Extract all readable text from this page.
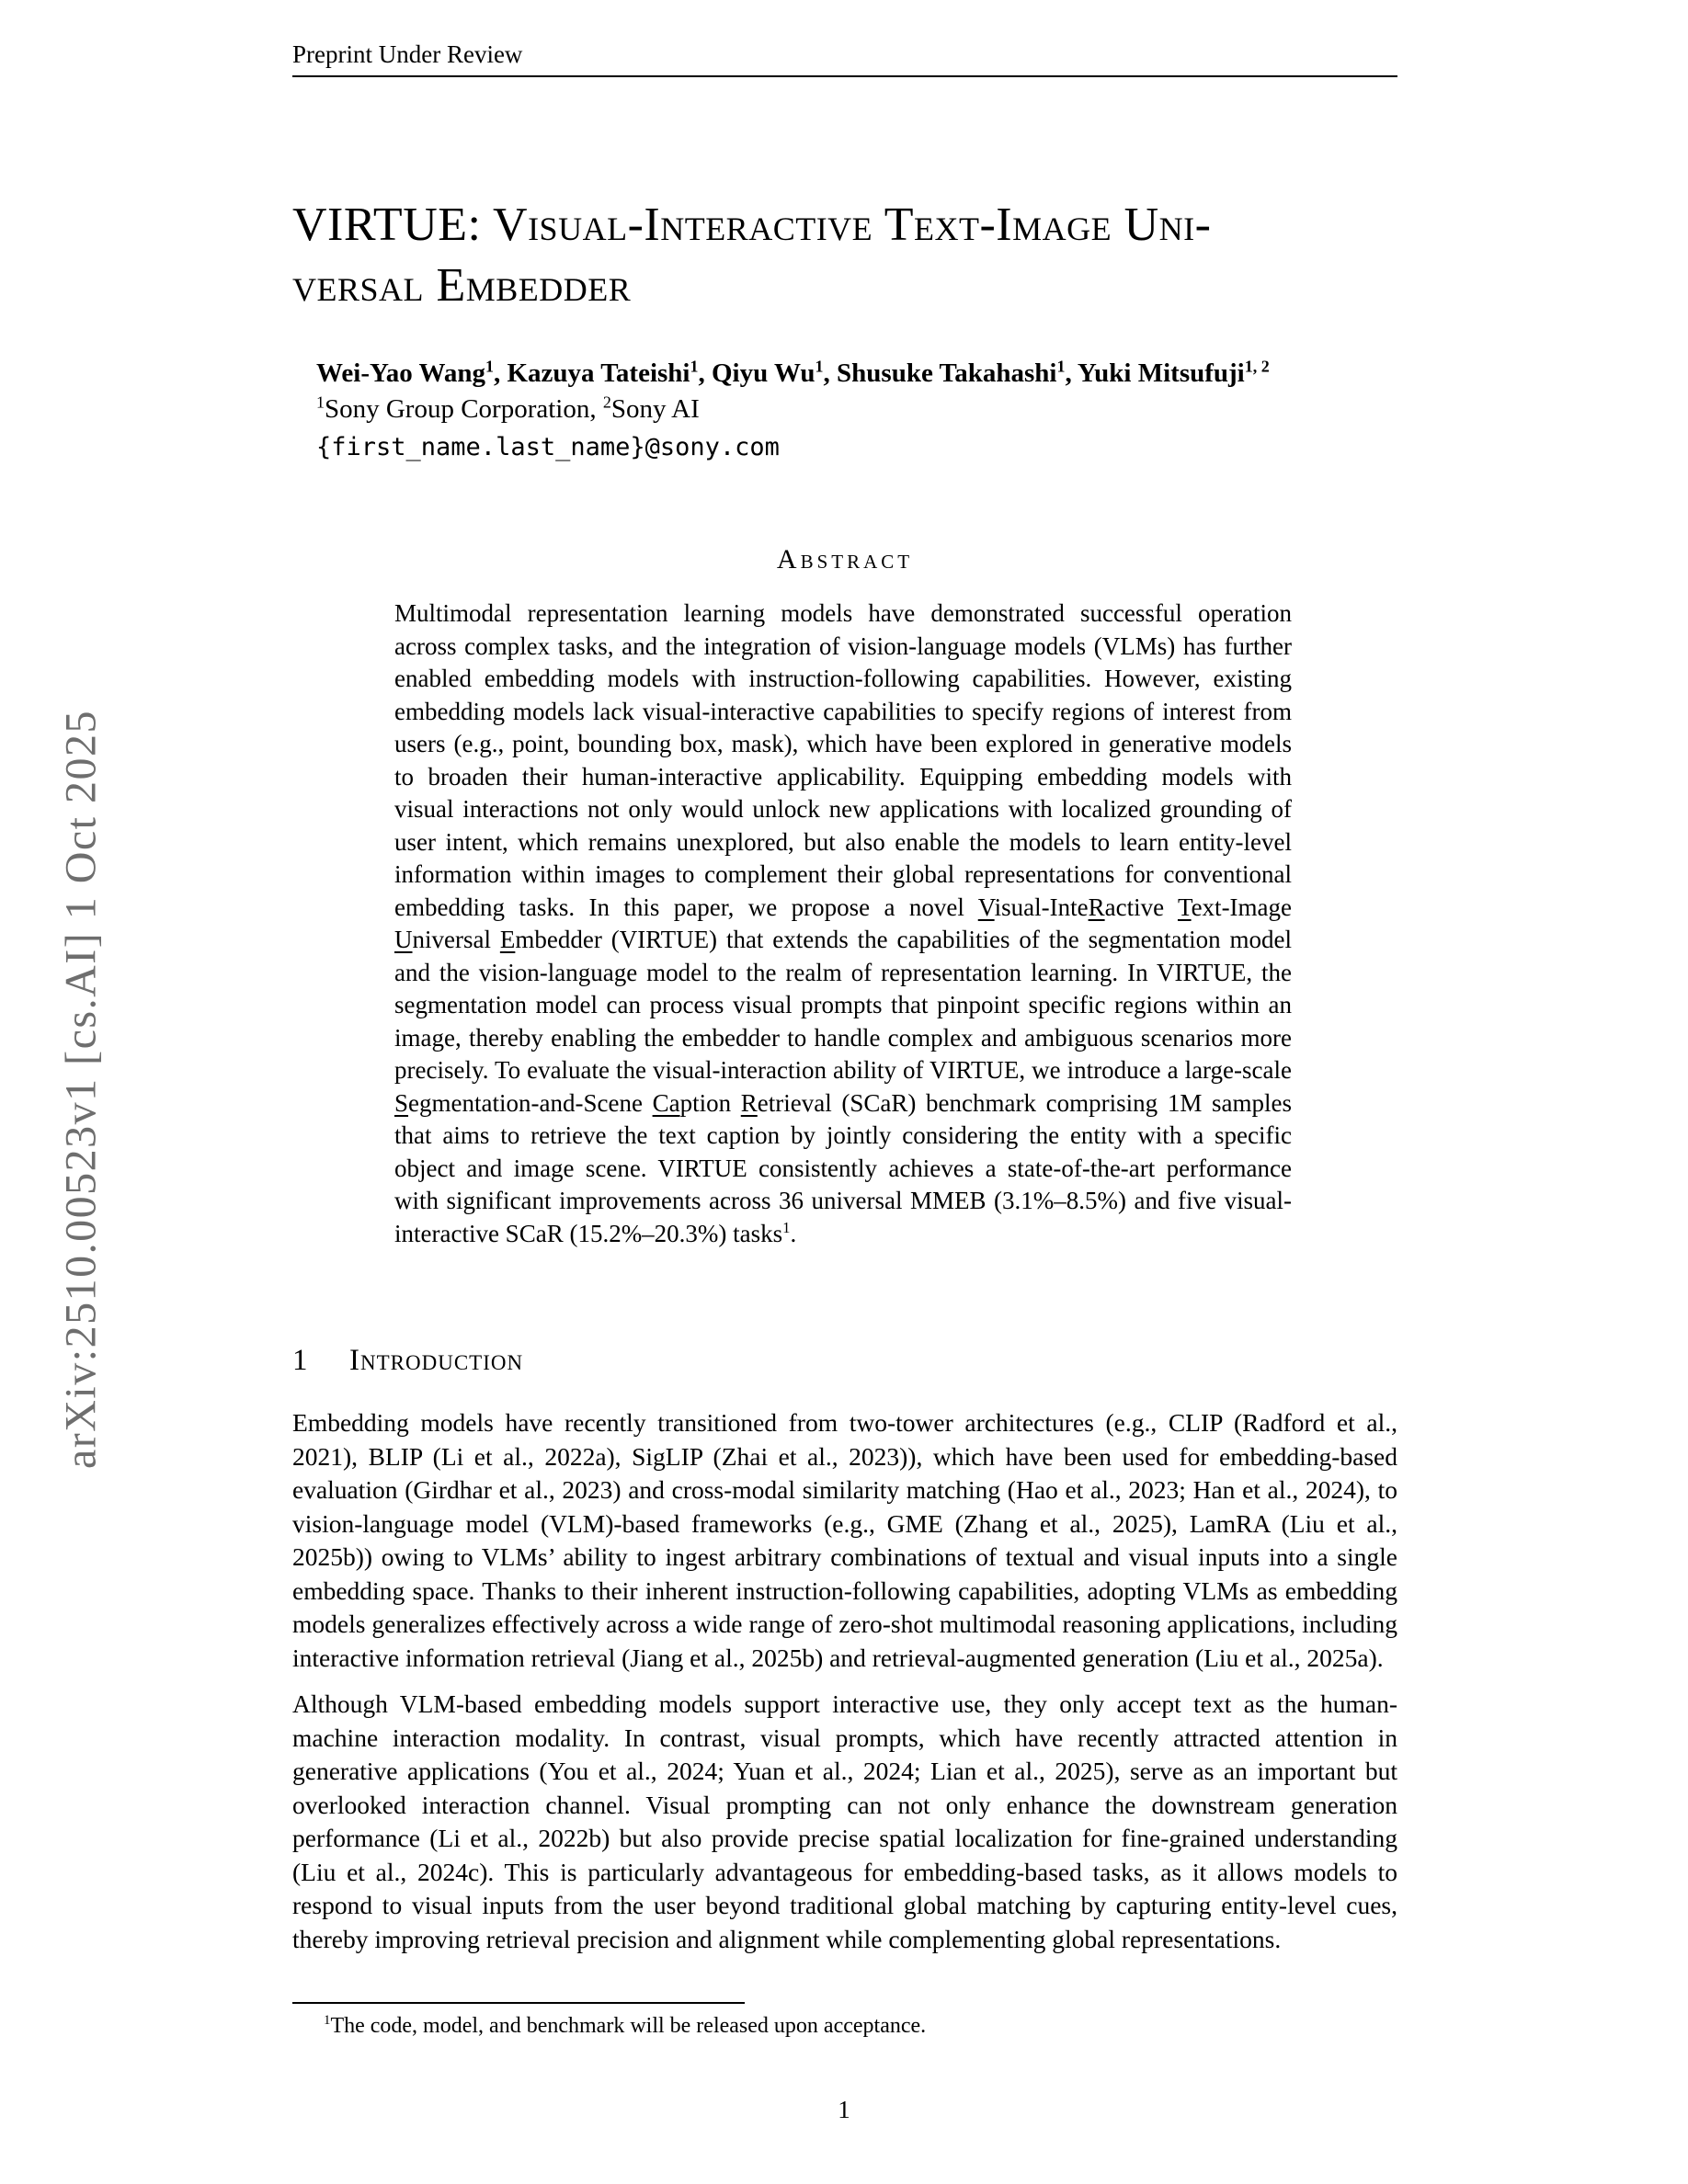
arXiv:2510.00523v1 [cs.AI] 1 Oct 2025
Preprint Under Review
VIRTUE: Visual-Interactive Text-Image Uni-
versal Embedder
Wei-Yao Wang$^1$, Kazuya Tateishi$^1$, Qiyu Wu$^1$, Shusuke Takahashi$^1$, Yuki Mitsufuji$^{1, 2}$
$^1$Sony Group Corporation, $^2$Sony AI
{first_name.last_name}@sony.com
Abstract
Multimodal representation learning models have demonstrated successful operation across complex tasks, and the integration of vision-language models (VLMs) has further enabled embedding models with instruction-following capabilities. However, existing embedding models lack visual-interactive capabilities to specify regions of interest from users (e.g., point, bounding box, mask), which have been explored in generative models to broaden their human-interactive applicability. Equipping embedding models with visual interactions not only would unlock new applications with localized grounding of user intent, which remains unexplored, but also enable the models to learn entity-level information within images to complement their global representations for conventional embedding tasks. In this paper, we propose a novel Visual-InteRactive Text-Image Universal Embedder (VIRTUE) that extends the capabilities of the segmentation model and the vision-language model to the realm of representation learning. In VIRTUE, the segmentation model can process visual prompts that pinpoint specific regions within an image, thereby enabling the embedder to handle complex and ambiguous scenarios more precisely. To evaluate the visual-interaction ability of VIRTUE, we introduce a large-scale Segmentation-and-Scene Caption Retrieval (SCaR) benchmark comprising 1M samples that aims to retrieve the text caption by jointly considering the entity with a specific object and image scene. VIRTUE consistently achieves a state-of-the-art performance with significant improvements across 36 universal MMEB (3.1%–8.5%) and five visual-interactive SCaR (15.2%–20.3%) tasks$^1$.
1 Introduction
Embedding models have recently transitioned from two-tower architectures (e.g., CLIP (Radford et al., 2021), BLIP (Li et al., 2022a), SigLIP (Zhai et al., 2023)), which have been used for embedding-based evaluation (Girdhar et al., 2023) and cross-modal similarity matching (Hao et al., 2023; Han et al., 2024), to vision-language model (VLM)-based frameworks (e.g., GME (Zhang et al., 2025), LamRA (Liu et al., 2025b)) owing to VLMs’ ability to ingest arbitrary combinations of textual and visual inputs into a single embedding space. Thanks to their inherent instruction-following capabilities, adopting VLMs as embedding models generalizes effectively across a wide range of zero-shot multimodal reasoning applications, including interactive information retrieval (Jiang et al., 2025b) and retrieval-augmented generation (Liu et al., 2025a).
Although VLM-based embedding models support interactive use, they only accept text as the human-machine interaction modality. In contrast, visual prompts, which have recently attracted attention in generative applications (You et al., 2024; Yuan et al., 2024; Lian et al., 2025), serve as an important but overlooked interaction channel. Visual prompting can not only enhance the downstream generation performance (Li et al., 2022b) but also provide precise spatial localization for fine-grained understanding (Liu et al., 2024c). This is particularly advantageous for embedding-based tasks, as it allows models to respond to visual inputs from the user beyond traditional global matching by capturing entity-level cues, thereby improving retrieval precision and alignment while complementing global representations.
$^1$The code, model, and benchmark will be released upon acceptance.
1
